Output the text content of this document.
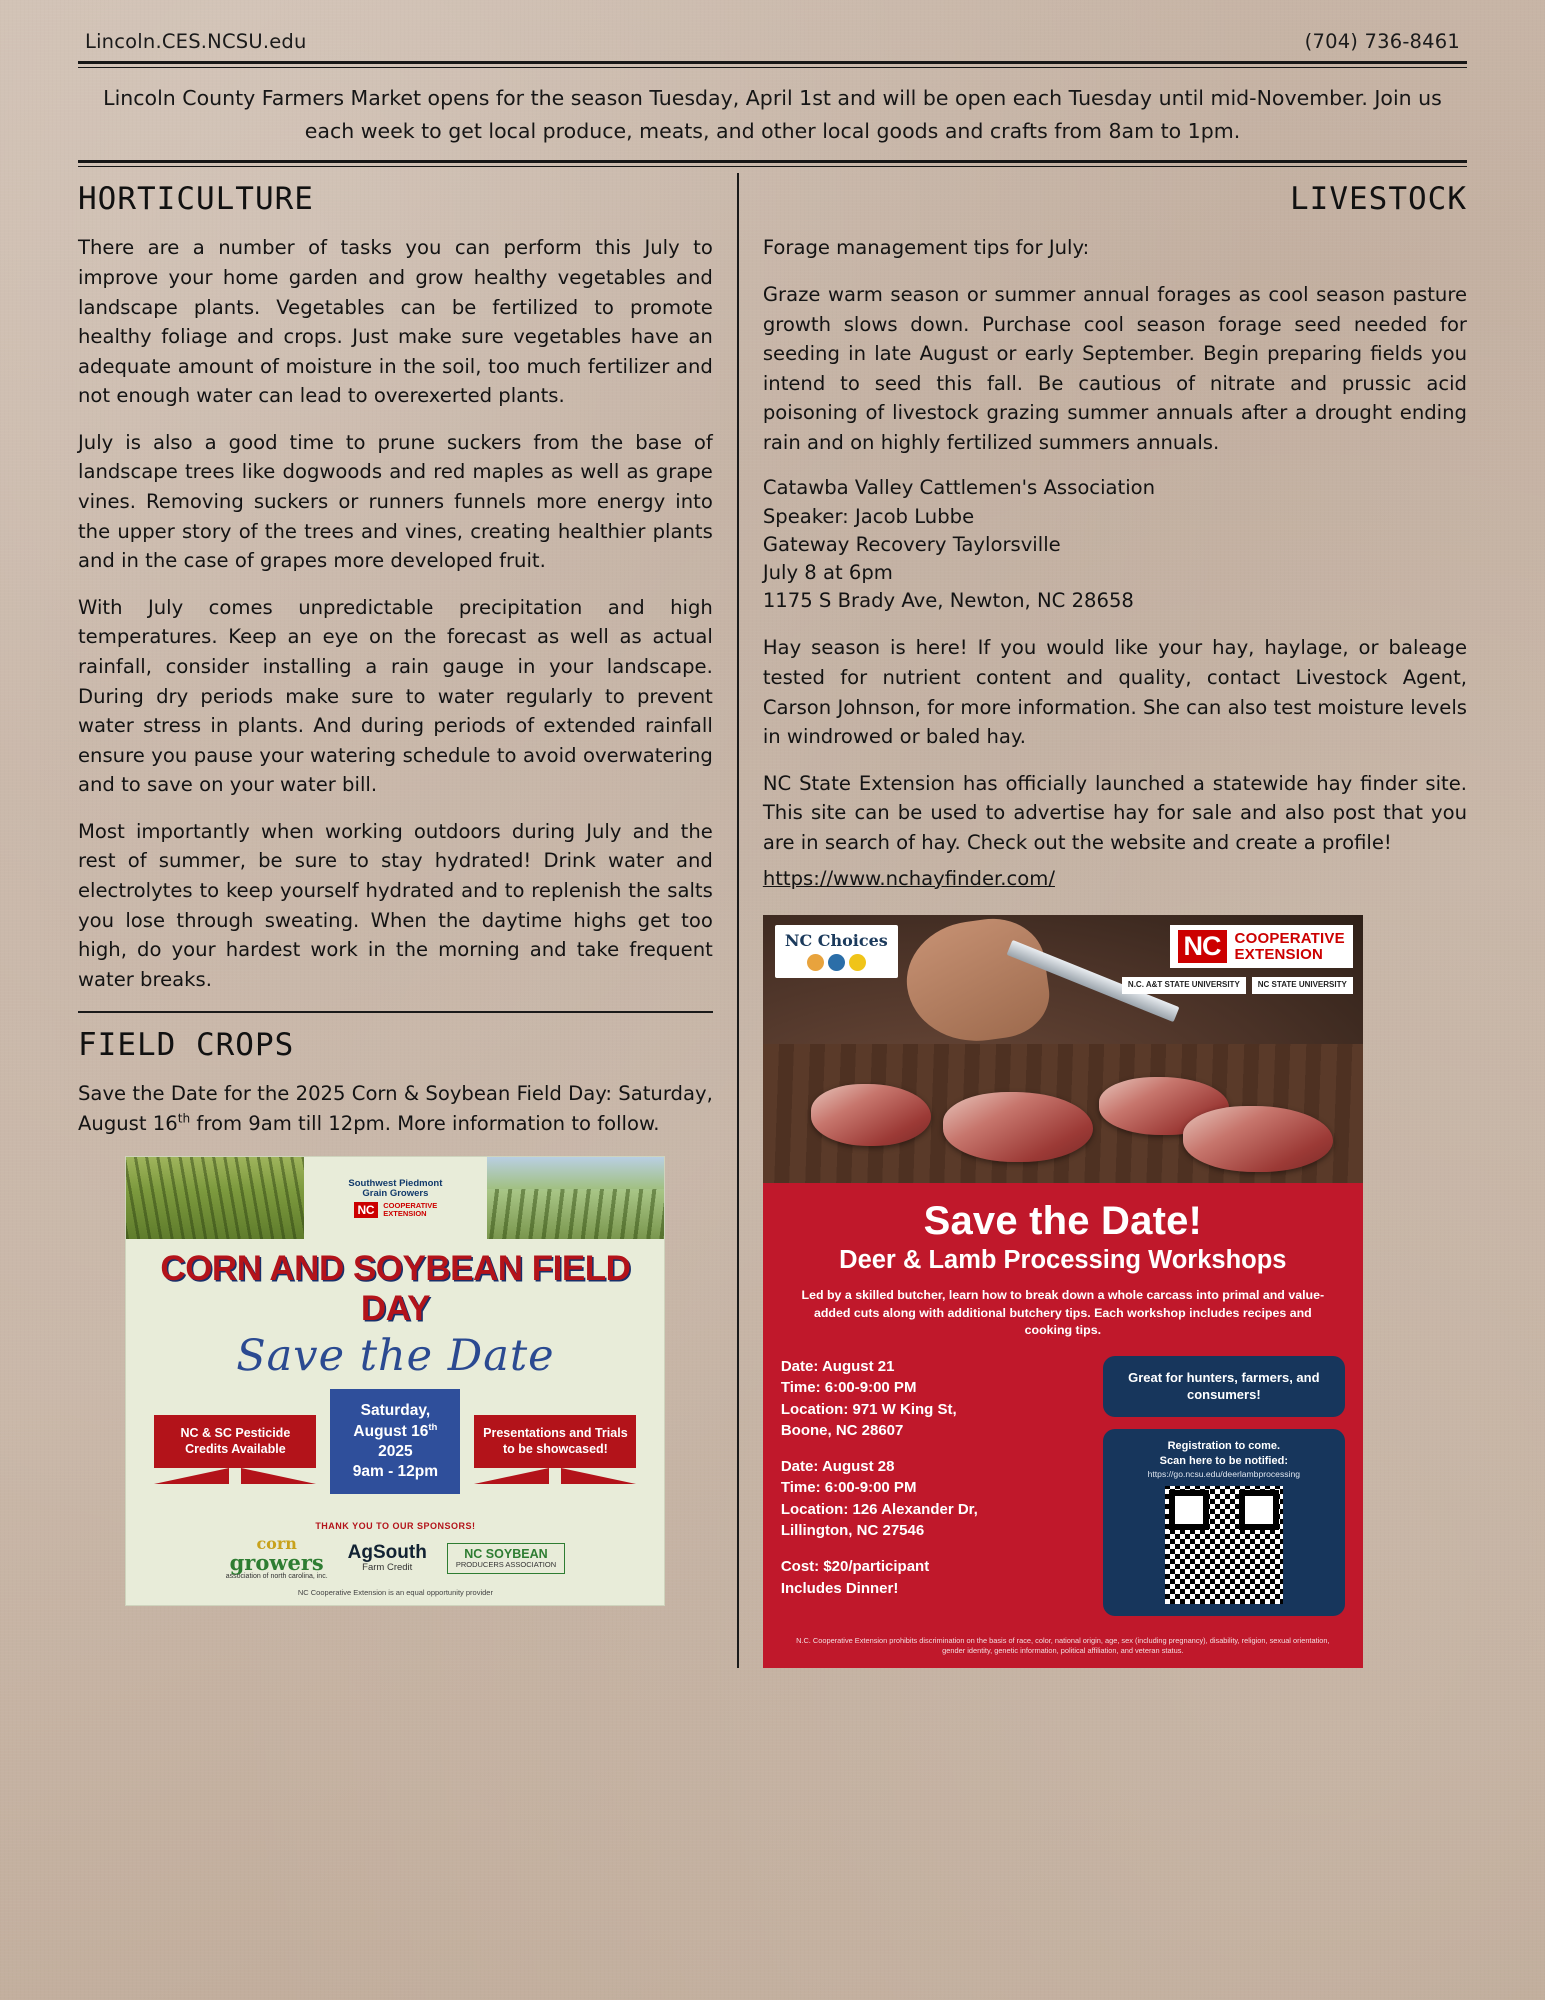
Lincoln.CES.NCSU.edu	(704) 736-8461
Lincoln County Farmers Market opens for the season Tuesday, April 1st and will be open each Tuesday until mid-November. Join us each week to get local produce, meats, and other local goods and crafts from 8am to 1pm.
HORTICULTURE

There are a number of tasks you can perform this July to improve your home garden and grow healthy vegetables and landscape plants. Vegetables can be fertilized to promote healthy foliage and crops. Just make sure vegetables have an adequate amount of moisture in the soil, too much fertilizer and not enough water can lead to overexerted plants.

July is also a good time to prune suckers from the base of landscape trees like dogwoods and red maples as well as grape vines. Removing suckers or runners funnels more energy into the upper story of the trees and vines, creating healthier plants and in the case of grapes more developed fruit.

With July comes unpredictable precipitation and high temperatures. Keep an eye on the forecast as well as actual rainfall, consider installing a rain gauge in your landscape. During dry periods make sure to water regularly to prevent water stress in plants. And during periods of extended rainfall ensure you pause your watering schedule to avoid overwatering and to save on your water bill.

Most importantly when working outdoors during July and the rest of summer, be sure to stay hydrated! Drink water and electrolytes to keep yourself hydrated and to replenish the salts you lose through sweating. When the daytime highs get too high, do your hardest work in the morning and take frequent water breaks.

FIELD CROPS

Save the Date for the 2025 Corn & Soybean Field Day: Saturday, August 16th from 9am till 12pm. More information to follow.

Southwest Piedmont
Grain Growers
NC	COOPERATIVE
EXTENSION
CORN AND SOYBEAN FIELD DAY
Save the Date
NC & SC Pesticide Credits Available
Saturday,
August 16th
2025
9am - 12pm
Presentations and Trials to be showcased!
THANK YOU TO OUR SPONSORS!
corn
growers
association of north carolina, inc.
AgSouth
Farm Credit
NC SOYBEAN
PRODUCERS ASSOCIATION
NC Cooperative Extension is an equal opportunity provider
LIVESTOCK

Forage management tips for July:

Graze warm season or summer annual forages as cool season pasture growth slows down. Purchase cool season forage seed needed for seeding in late August or early September. Begin preparing fields you intend to seed this fall. Be cautious of nitrate and prussic acid poisoning of livestock grazing summer annuals after a drought ending rain and on highly fertilized summers annuals.

Catawba Valley Cattlemen's Association
Speaker: Jacob Lubbe
Gateway Recovery Taylorsville
July 8 at 6pm
1175 S Brady Ave, Newton, NC 28658

Hay season is here! If you would like your hay, haylage, or baleage tested for nutrient content and quality, contact Livestock Agent, Carson Johnson, for more information. She can also test moisture levels in windrowed or baled hay.

NC State Extension has officially launched a statewide hay finder site. This site can be used to advertise hay for sale and also post that you are in search of hay. Check out the website and create a profile!

https://www.nchayfinder.com/

NC Choices	NC COOPERATIVE
EXTENSION
N.C. A&T STATE UNIVERSITY	NC STATE UNIVERSITY
Save the Date!
Deer & Lamb Processing Workshops
Led by a skilled butcher, learn how to break down a whole carcass into primal and value-added cuts along with additional butchery tips. Each workshop includes recipes and cooking tips.
Date: August 21
Time: 6:00-9:00 PM
Location: 971 W King St,
Boone, NC 28607
Date: August 28
Time: 6:00-9:00 PM
Location: 126 Alexander Dr,
Lillington, NC 27546
Cost: $20/participant
Includes Dinner!
Great for hunters, farmers, and consumers!
Registration to come.
Scan here to be notified:
https://go.ncsu.edu/deerlambprocessing
N.C. Cooperative Extension prohibits discrimination on the basis of race, color, national origin, age, sex (including pregnancy), disability, religion, sexual orientation, gender identity, genetic information, political affiliation, and veteran status.
